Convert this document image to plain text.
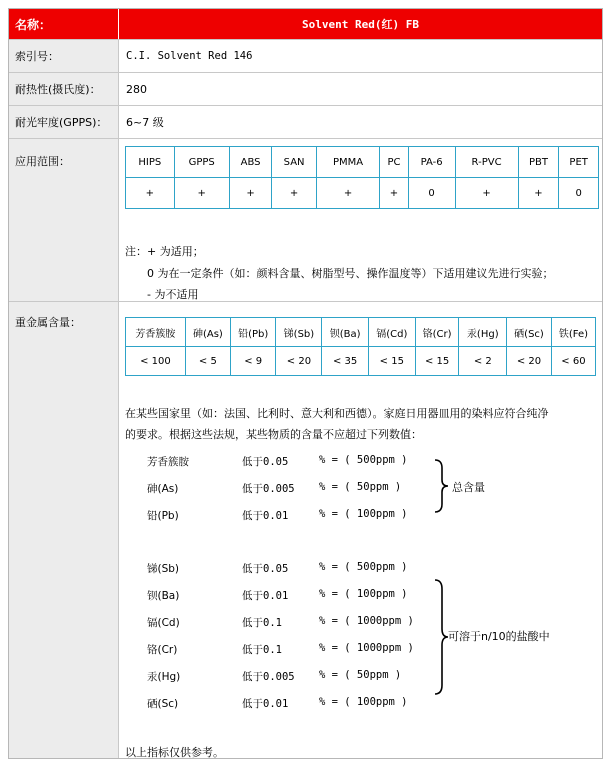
名称：	Solvent Red(红) FB
索引号：	C.I. Solvent Red 146
耐热性(摄氏度)：	280
耐光牢度(GPPS)：	6~7 级
应用范围：	HIPS	GPPS	ABS	SAN	PMMA	PC	PA-6	R-PVC	PBT	PET
+	+	+	+	+	+	0	+	+	0
注：+ 为适用；
0 为在一定条件（如：颜料含量、树脂型号、操作温度等）下适用建议先进行实验；
- 为不适用
重金属含量：
芳香簇胺	砷(As)	铅(Pb)	锑(Sb)	钡(Ba)	镉(Cd)	铬(Cr)	汞(Hg)	硒(Sc)	铁(Fe)
< 100	< 5	< 9	< 20	< 35	< 15	< 15	< 2	< 20	< 60
在某些国家里（如：法国、比利时、意大利和西德）。家庭日用器皿用的染料应符合纯净
的要求。根据这些法规，某些物质的含量不应超过下列数值：
芳香簇胺	低于0.05	% = ( 500ppm )
砷(As)	低于0.005 % = ( 50ppm )
铅(Pb)	低于0.01	% = ( 100ppm )
总含量
锑(Sb)	低于0.05	% = ( 500ppm )
钡(Ba)	低于0.01	% = ( 100ppm )
镉(Cd)	低于0.1	% = ( 1000ppm )
铬(Cr)	低于0.1	% = ( 1000ppm )
汞(Hg)	低于0.005 % = ( 50ppm )
硒(Sc)	低于0.01	% = ( 100ppm )
可溶于n/10的盐酸中
以上指标仅供参考。
